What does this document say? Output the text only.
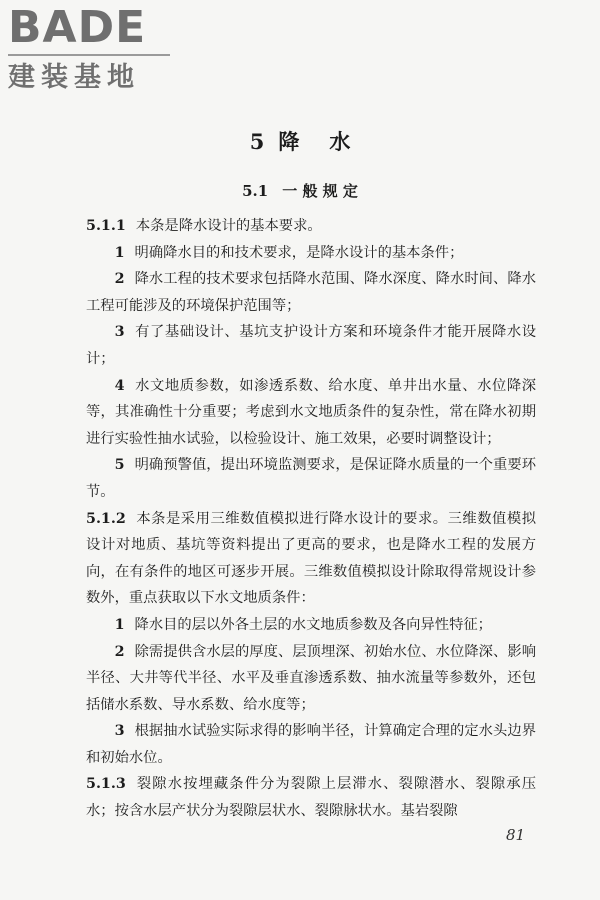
BADE
建装基地
5 降 水
5.1 一 般 规 定

5.1.1 本条是降水设计的基本要求。

1 明确降水目的和技术要求，是降水设计的基本条件；

2 降水工程的技术要求包括降水范围、降水深度、降水时间、降水工程可能涉及的环境保护范围等；

3 有了基础设计、基坑支护设计方案和环境条件才能开展降水设计；

4 水文地质参数，如渗透系数、给水度、单井出水量、水位降深等，其准确性十分重要；考虑到水文地质条件的复杂性，常在降水初期进行实验性抽水试验，以检验设计、施工效果，必要时调整设计；

5 明确预警值，提出环境监测要求，是保证降水质量的一个重要环节。

5.1.2 本条是采用三维数值模拟进行降水设计的要求。三维数值模拟设计对地质、基坑等资料提出了更高的要求，也是降水工程的发展方向，在有条件的地区可逐步开展。三维数值模拟设计除取得常规设计参数外，重点获取以下水文地质条件：

1 降水目的层以外各土层的水文地质参数及各向异性特征；

2 除需提供含水层的厚度、层顶埋深、初始水位、水位降深、影响半径、大井等代半径、水平及垂直渗透系数、抽水流量等参数外，还包括储水系数、导水系数、给水度等；

3 根据抽水试验实际求得的影响半径，计算确定合理的定水头边界和初始水位。

5.1.3 裂隙水按埋藏条件分为裂隙上层滞水、裂隙潜水、裂隙承压水；按含水层产状分为裂隙层状水、裂隙脉状水。基岩裂隙

81
